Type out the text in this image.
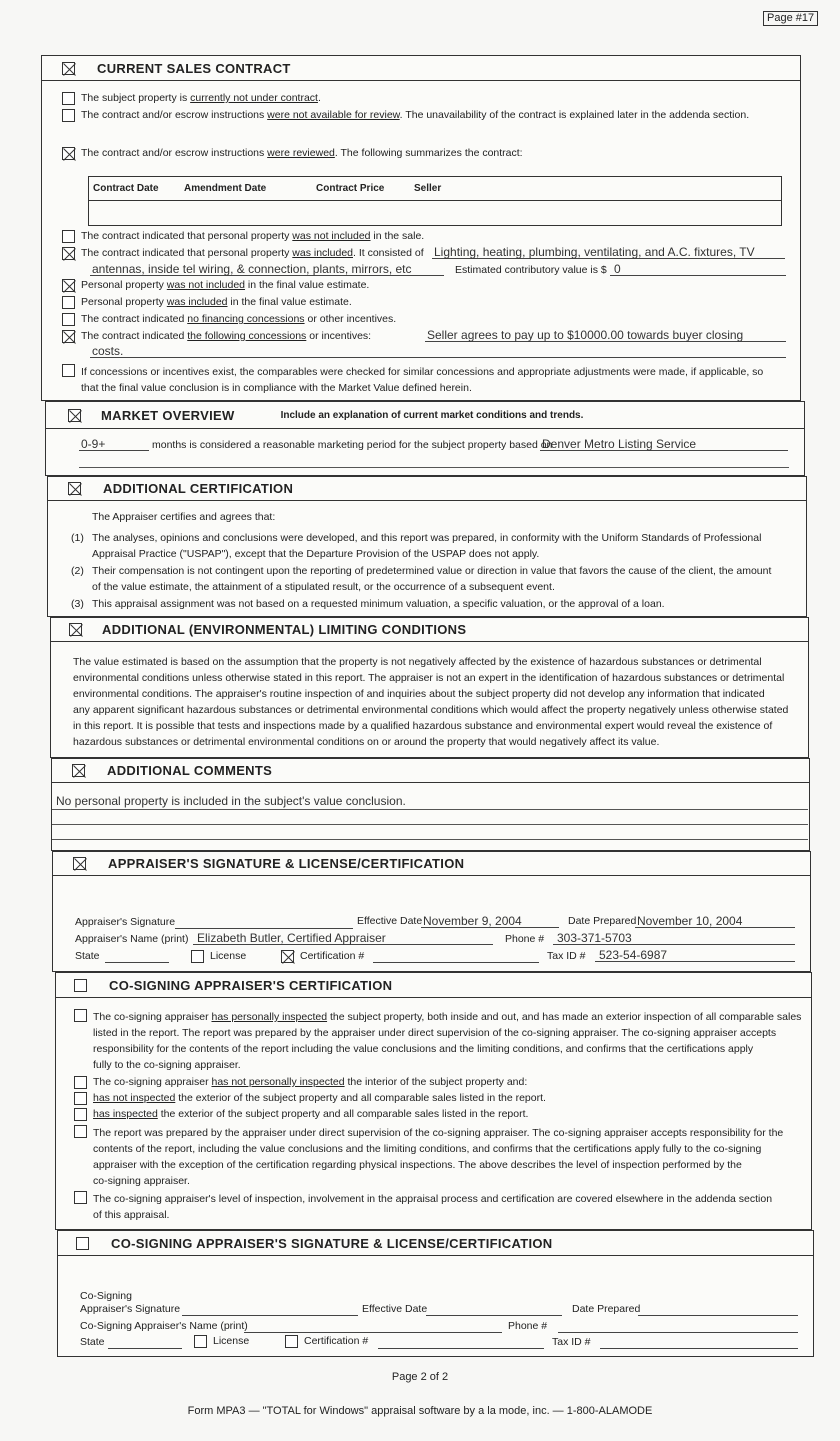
Page #17
CURRENT SALES CONTRACT
The subject property is currently not under contract.
The contract and/or escrow instructions were not available for review. The unavailability of the contract is explained later in the addenda section.
The contract and/or escrow instructions were reviewed. The following summarizes the contract:
Contract Date	Amendment Date	Contract Price	Seller
The contract indicated that personal property was not included in the sale.
The contract indicated that personal property was included. It consisted of Lighting, heating, plumbing, ventilating, and A.C. fixtures, TV
antennas, inside tel wiring, & connection, plants, mirrors, etc	Estimated contributory value is $ 0
Personal property was not included in the final value estimate.
Personal property was included in the final value estimate.
The contract indicated no financing concessions or other incentives.
The contract indicated the following concessions or incentives:	Seller agrees to pay up to $10000.00 towards buyer closing
costs.
If concessions or incentives exist, the comparables were checked for similar concessions and appropriate adjustments were made, if applicable, so
that the final value conclusion is in compliance with the Market Value defined herein.
MARKET OVERVIEW	Include an explanation of current market conditions and trends.
0-9+	months is considered a reasonable marketing period for the subject property based on
Denver Metro Listing Service
ADDITIONAL CERTIFICATION
The Appraiser certifies and agrees that:
(1) The analyses, opinions and conclusions were developed, and this report was prepared, in conformity with the Uniform Standards of Professional
Appraisal Practice ("USPAP"), except that the Departure Provision of the USPAP does not apply.
(2) Their compensation is not contingent upon the reporting of predetermined value or direction in value that favors the cause of the client, the amount
of the value estimate, the attainment of a stipulated result, or the occurrence of a subsequent event.
(3) This appraisal assignment was not based on a requested minimum valuation, a specific valuation, or the approval of a loan.
ADDITIONAL (ENVIRONMENTAL) LIMITING CONDITIONS
The value estimated is based on the assumption that the property is not negatively affected by the existence of hazardous substances or detrimental
environmental conditions unless otherwise stated in this report. The appraiser is not an expert in the identification of hazardous substances or detrimental
environmental conditions. The appraiser's routine inspection of and inquiries about the subject property did not develop any information that indicated
any apparent significant hazardous substances or detrimental environmental conditions which would affect the property negatively unless otherwise stated
in this report. It is possible that tests and inspections made by a qualified hazardous substance and environmental expert would reveal the existence of
hazardous substances or detrimental environmental conditions on or around the property that would negatively affect its value.
ADDITIONAL COMMENTS
No personal property is included in the subject's value conclusion.
APPRAISER'S SIGNATURE & LICENSE/CERTIFICATION
Appraiser's Signature	Effective Date November 9, 2004	Date Prepared November 10, 2004
Appraiser's Name (print) Elizabeth Butler, Certified Appraiser	Phone #	303-371-5703
State	License	Certification #	Tax ID #	523-54-6987
CO-SIGNING APPRAISER'S CERTIFICATION
The co-signing appraiser has personally inspected the subject property, both inside and out, and has made an exterior inspection of all comparable sales
listed in the report. The report was prepared by the appraiser under direct supervision of the co-signing appraiser. The co-signing appraiser accepts
responsibility for the contents of the report including the value conclusions and the limiting conditions, and confirms that the certifications apply
fully to the co-signing appraiser.
The co-signing appraiser has not personally inspected the interior of the subject property and:
has not inspected the exterior of the subject property and all comparable sales listed in the report.
has inspected the exterior of the subject property and all comparable sales listed in the report.
The report was prepared by the appraiser under direct supervision of the co-signing appraiser. The co-signing appraiser accepts responsibility for the
contents of the report, including the value conclusions and the limiting conditions, and confirms that the certifications apply fully to the co-signing
appraiser with the exception of the certification regarding physical inspections. The above describes the level of inspection performed by the
co-signing appraiser.
The co-signing appraiser's level of inspection, involvement in the appraisal process and certification are covered elsewhere in the addenda section
of this appraisal.
CO-SIGNING APPRAISER'S SIGNATURE & LICENSE/CERTIFICATION
Co-Signing
Appraiser's Signature	Effective Date	Date Prepared
Co-Signing Appraiser's Name (print)	Phone #
State	License	Certification #	Tax ID #
Page 2 of 2
Form MPA3 — "TOTAL for Windows" appraisal software by a la mode, inc. — 1-800-ALAMODE
